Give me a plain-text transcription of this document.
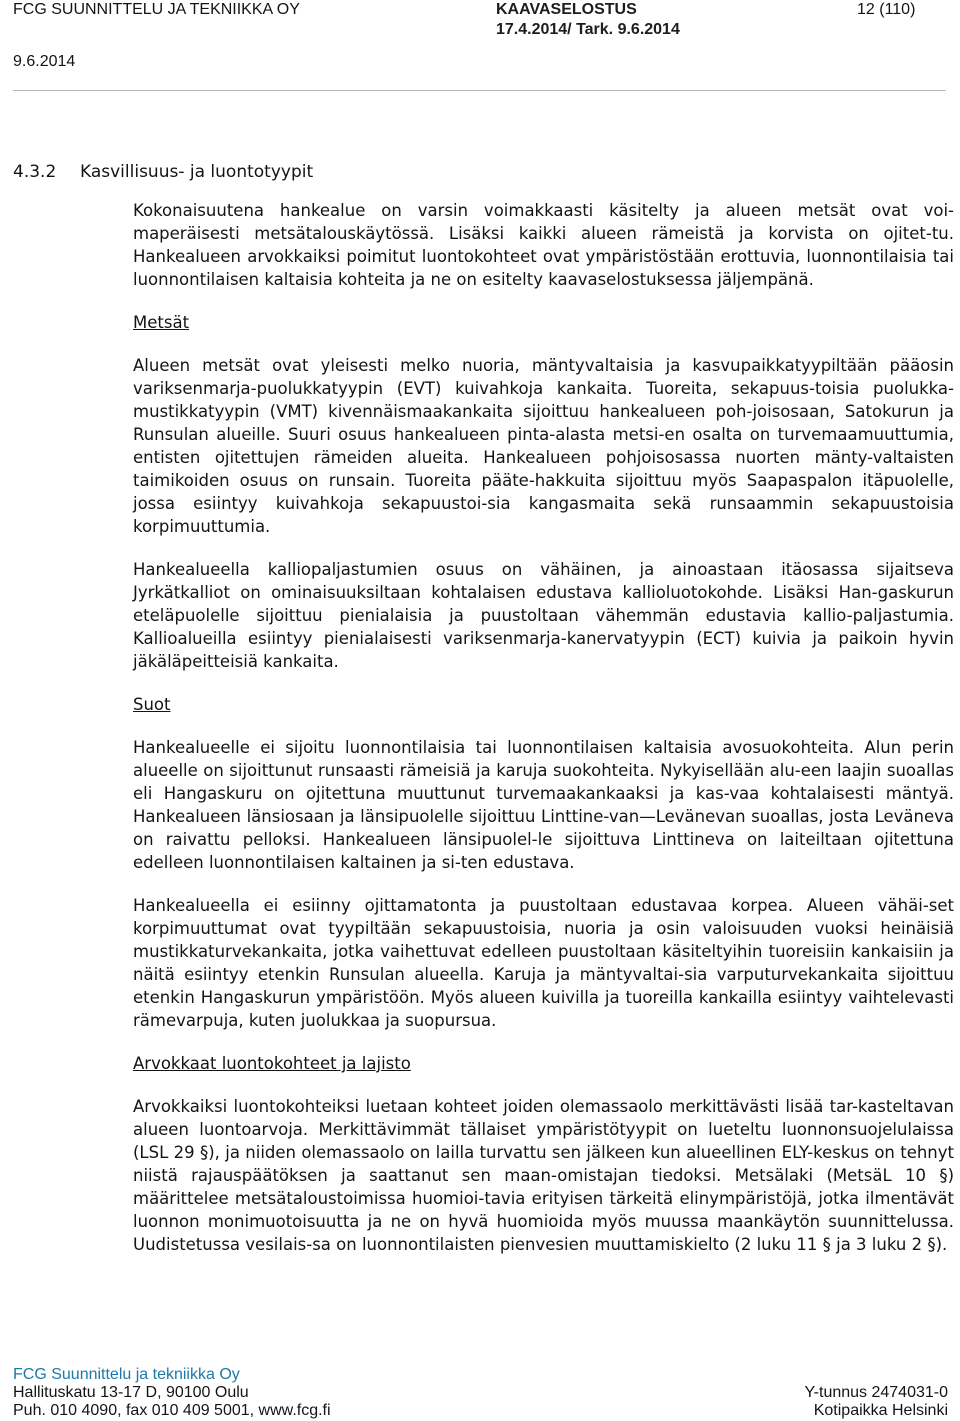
FCG SUUNNITTELU JA TEKNIIKKA OY	KAAVASELOSTUS
17.4.2014/ Tark. 9.6.2014
12 (110)
9.6.2014
4.3.2 Kasvillisuus- ja luontotyypit

Kokonaisuutena hankealue on varsin voimakkaasti käsitelty ja alueen metsät ovat voi-maperäisesti metsätalouskäytössä. Lisäksi kaikki alueen rämeistä ja korvista on ojitet-tu. Hankealueen arvokkaiksi poimitut luontokohteet ovat ympäristöstään erottuvia, luonnontilaisia tai luonnontilaisen kaltaisia kohteita ja ne on esitelty kaavaselostuksessa jäljempänä.

Metsät

Alueen metsät ovat yleisesti melko nuoria, mäntyvaltaisia ja kasvupaikkatyypiltään pääosin variksenmarja-puolukkatyypin (EVT) kuivahkoja kankaita. Tuoreita, sekapuus-toisia puolukka-mustikkatyypin (VMT) kivennäismaakankaita sijoittuu hankealueen poh-joisosaan, Satokurun ja Runsulan alueille. Suuri osuus hankealueen pinta-alasta metsi-en osalta on turvemaamuuttumia, entisten ojitettujen rämeiden alueita. Hankealueen pohjoisosassa nuorten mänty-valtaisten taimikoiden osuus on runsain. Tuoreita pääte-hakkuita sijoittuu myös Saapaspalon itäpuolelle, jossa esiintyy kuivahkoja sekapuustoi-sia kangasmaita sekä runsaammin sekapuustoisia korpimuuttumia.

Hankealueella kalliopaljastumien osuus on vähäinen, ja ainoastaan itäosassa sijaitseva Jyrkätkalliot on ominaisuuksiltaan kohtalaisen edustava kallioluotokohde. Lisäksi Han-gaskurun eteläpuolelle sijoittuu pienialaisia ja puustoltaan vähemmän edustavia kallio-paljastumia. Kallioalueilla esiintyy pienialaisesti variksenmarja-kanervatyypin (ECT) kuivia ja paikoin hyvin jäkäläpeitteisiä kankaita.

Suot

Hankealueelle ei sijoitu luonnontilaisia tai luonnontilaisen kaltaisia avosuokohteita. Alun perin alueelle on sijoittunut runsaasti rämeisiä ja karuja suokohteita. Nykyisellään alu-een laajin suoallas eli Hangaskuru on ojitettuna muuttunut turvemaakankaaksi ja kas-vaa kohtalaisesti mäntyä. Hankealueen länsiosaan ja länsipuolelle sijoittuu Linttine-van—Levänevan suoallas, josta Leväneva on raivattu pelloksi. Hankealueen länsipuolel-le sijoittuva Linttineva on laiteiltaan ojitettuna edelleen luonnontilaisen kaltainen ja si-ten edustava.

Hankealueella ei esiinny ojittamatonta ja puustoltaan edustavaa korpea. Alueen vähäi-set korpimuuttumat ovat tyypiltään sekapuustoisia, nuoria ja osin valoisuuden vuoksi heinäisiä mustikkaturvekankaita, jotka vaihettuvat edelleen puustoltaan käsiteltyihin tuoreisiin kankaisiin ja näitä esiintyy etenkin Runsulan alueella. Karuja ja mäntyvaltai-sia varputurvekankaita sijoittuu etenkin Hangaskurun ympäristöön. Myös alueen kuivilla ja tuoreilla kankailla esiintyy vaihtelevasti rämevarpuja, kuten juolukkaa ja suopursua.

Arvokkaat luontokohteet ja lajisto

Arvokkaiksi luontokohteiksi luetaan kohteet joiden olemassaolo merkittävästi lisää tar-kasteltavan alueen luontoarvoja. Merkittävimmät tällaiset ympäristötyypit on lueteltu luonnonsuojelulaissa (LSL 29 §), ja niiden olemassaolo on lailla turvattu sen jälkeen kun alueellinen ELY-keskus on tehnyt niistä rajauspäätöksen ja saattanut sen maan-omistajan tiedoksi. Metsälaki (MetsäL 10 §) määrittelee metsätaloustoimissa huomioi-tavia erityisen tärkeitä elinympäristöjä, jotka ilmentävät luonnon monimuotoisuutta ja ne on hyvä huomioida myös muussa maankäytön suunnittelussa. Uudistetussa vesilais-sa on luonnontilaisten pienvesien muuttamiskielto (2 luku 11 § ja 3 luku 2 §).

FCG Suunnittelu ja tekniikka Oy
Hallituskatu 13-17 D, 90100 Oulu	Y-tunnus 2474031-0
Puh. 010 4090, fax 010 409 5001, www.fcg.fi	Kotipaikka Helsinki
